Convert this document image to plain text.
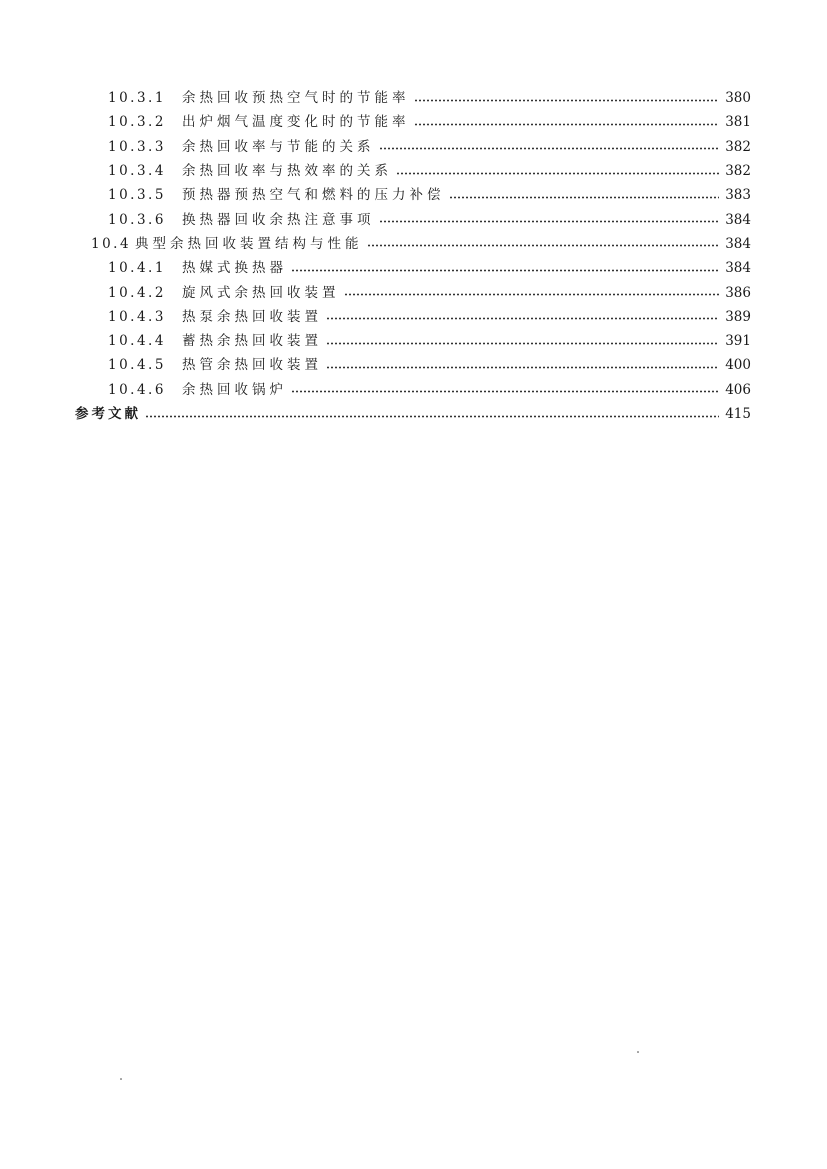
10.3.1	余热回收预热空气时的节能率	380
10.3.2	出炉烟气温度变化时的节能率	381
10.3.3	余热回收率与节能的关系	382
10.3.4	余热回收率与热效率的关系	382
10.3.5	预热器预热空气和燃料的压力补偿	383
10.3.6	换热器回收余热注意事项	384
10.4 典型余热回收装置结构与性能	384
10.4.1	热媒式换热器	384
10.4.2	旋风式余热回收装置	386
10.4.3	热泵余热回收装置	389
10.4.4	蓄热余热回收装置	391
10.4.5	热管余热回收装置	400
10.4.6	余热回收锅炉	406
参考文献	415
